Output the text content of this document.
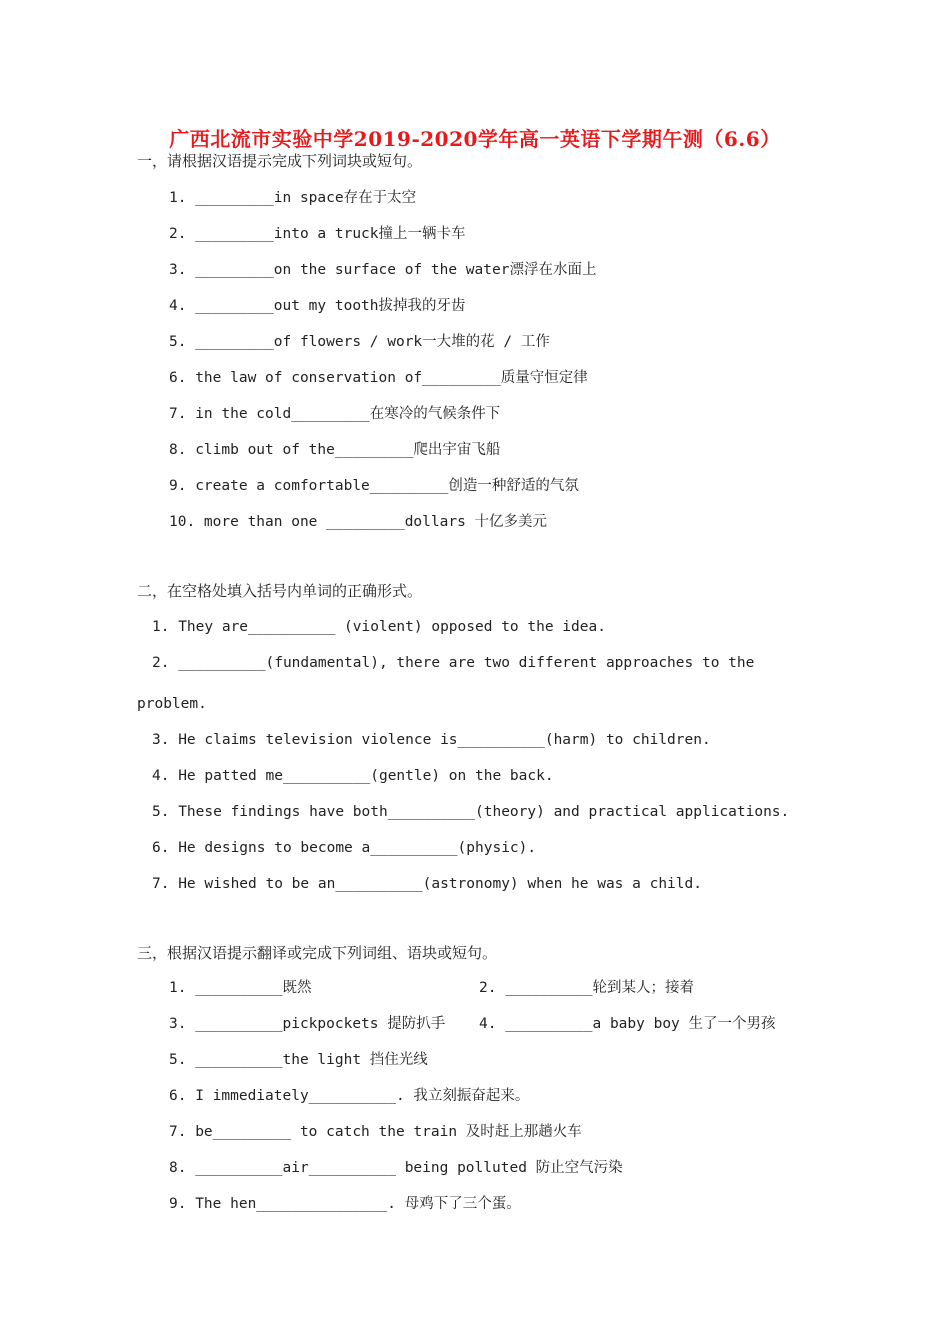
广西北流市实验中学2019-2020学年高一英语下学期午测（6.6）
一，请根据汉语提示完成下列词块或短句。
1. _________in space存在于太空
2. _________into a truck撞上一辆卡车
3. _________on the surface of the water漂浮在水面上
4. _________out my tooth拔掉我的牙齿
5. _________of flowers / work一大堆的花 / 工作
6. the law of conservation of_________质量守恒定律
7. in the cold_________在寒冷的气候条件下
8. climb out of the_________爬出宇宙飞船
9. create a comfortable_________创造一种舒适的气氛
10. more than one _________dollars 十亿多美元
二，在空格处填入括号内单词的正确形式。
1. They are__________ (violent) opposed to the idea.
2. __________(fundamental), there are two different approaches to the
problem.
3. He claims television violence is__________(harm) to children.
4. He patted me__________(gentle) on the back.
5. These findings have both__________(theory) and practical applications.
6. He designs to become a__________(physic).
7. He wished to be an__________(astronomy) when he was a child.
三，根据汉语提示翻译或完成下列词组、语块或短句。
1. __________既然	2. __________轮到某人；接着
3. __________pickpockets 提防扒手 4. __________a baby boy 生了一个男孩
5. __________the light 挡住光线
6. I immediately__________. 我立刻振奋起来。
7. be_________ to catch the train 及时赶上那趟火车
8. __________air__________ being polluted 防止空气污染
9. The hen_______________. 母鸡下了三个蛋。
